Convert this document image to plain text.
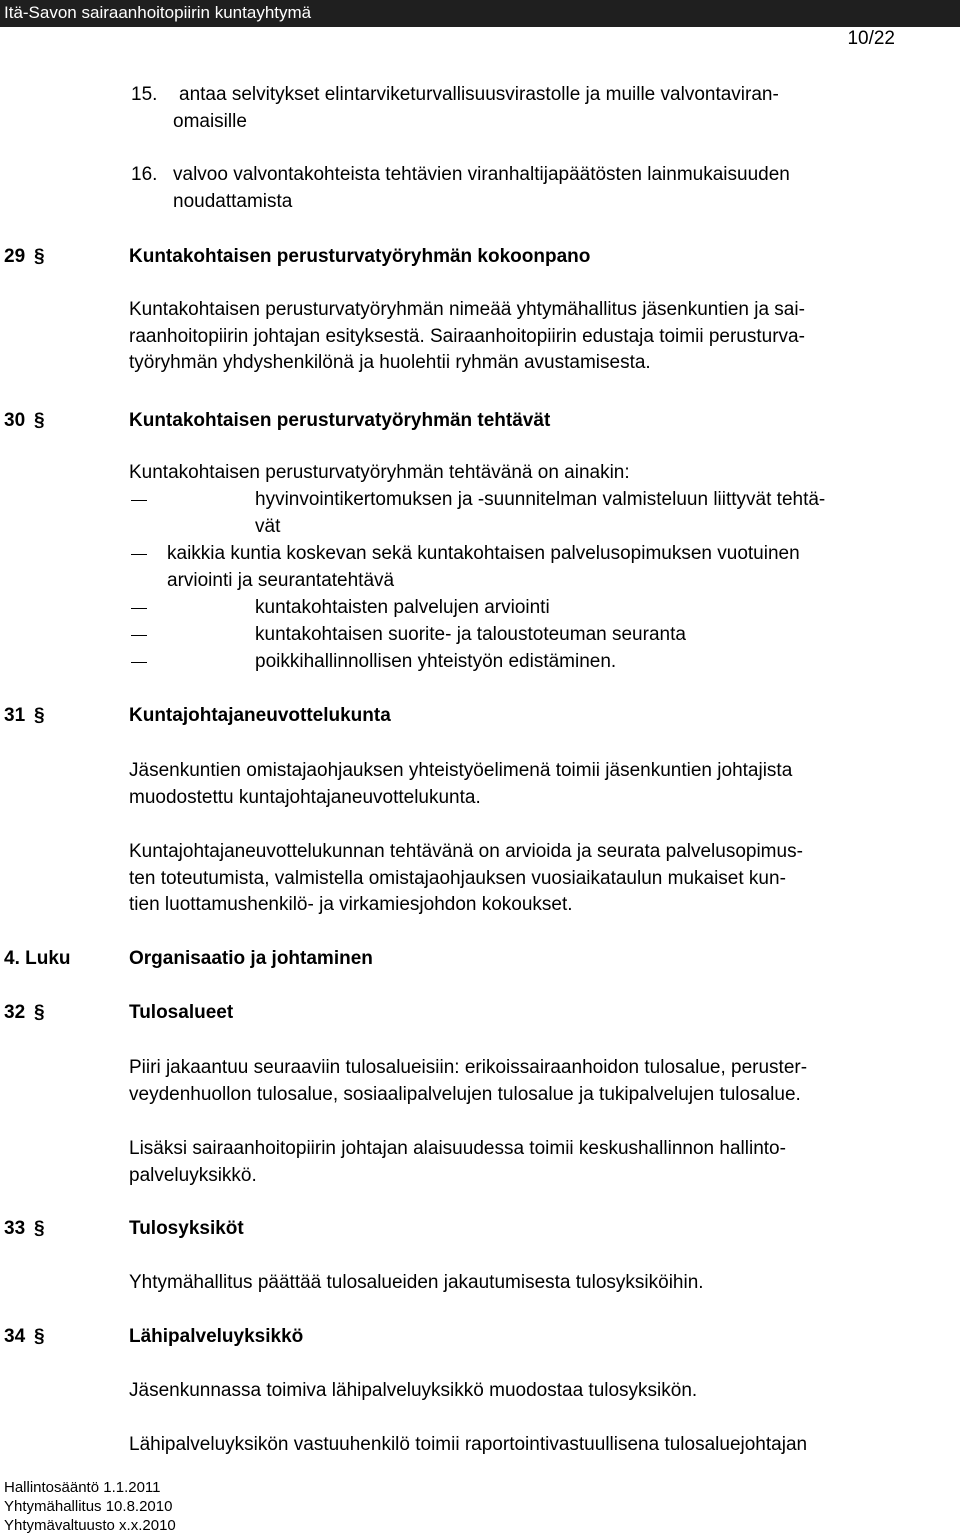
Itä-Savon sairaanhoitopiirin kuntayhtymä
10/22
15. antaa selvitykset elintarviketurvallisuusvirastolle ja muille valvontaviran-
omaisille
16. valvoo valvontakohteista tehtävien viranhaltijapäätösten lainmukaisuuden
noudattamista
29 §	Kuntakohtaisen perusturvatyöryhmän kokoonpano
Kuntakohtaisen perusturvatyöryhmän nimeää yhtymähallitus jäsenkuntien ja sai-
raanhoitopiirin johtajan esityksestä. Sairaanhoitopiirin edustaja toimii perusturva-
työryhmän yhdyshenkilönä ja huolehtii ryhmän avustamisesta.
30 §	Kuntakohtaisen perusturvatyöryhmän tehtävät
Kuntakohtaisen perusturvatyöryhmän tehtävänä on ainakin:
hyvinvointikertomuksen ja -suunnitelman valmisteluun liittyvät tehtä-
vät
kaikkia kuntia koskevan sekä kuntakohtaisen palvelusopimuksen vuotuinen
arviointi ja seurantatehtävä
kuntakohtaisten palvelujen arviointi
kuntakohtaisen suorite- ja taloustoteuman seuranta
poikkihallinnollisen yhteistyön edistäminen.
31 §	Kuntajohtajaneuvottelukunta
Jäsenkuntien omistajaohjauksen yhteistyöelimenä toimii jäsenkuntien johtajista
muodostettu kuntajohtajaneuvottelukunta.
Kuntajohtajaneuvottelukunnan tehtävänä on arvioida ja seurata palvelusopimus-
ten toteutumista, valmistella omistajaohjauksen vuosiaikataulun mukaiset kun-
tien luottamushenkilö- ja virkamiesjohdon kokoukset.
4. Luku	Organisaatio ja johtaminen
32 §	Tulosalueet
Piiri jakaantuu seuraaviin tulosalueisiin: erikoissairaanhoidon tulosalue, peruster-
veydenhuollon tulosalue, sosiaalipalvelujen tulosalue ja tukipalvelujen tulosalue.
Lisäksi sairaanhoitopiirin johtajan alaisuudessa toimii keskushallinnon hallinto-
palveluyksikkö.
33 §	Tulosyksiköt
Yhtymähallitus päättää tulosalueiden jakautumisesta tulosyksiköihin.
34 §	Lähipalveluyksikkö
Jäsenkunnassa toimiva lähipalveluyksikkö muodostaa tulosyksikön.
Lähipalveluyksikön vastuuhenkilö toimii raportointivastuullisena tulosaluejohtajan
Hallintosääntö 1.1.2011
Yhtymähallitus 10.8.2010
Yhtymävaltuusto x.x.2010
